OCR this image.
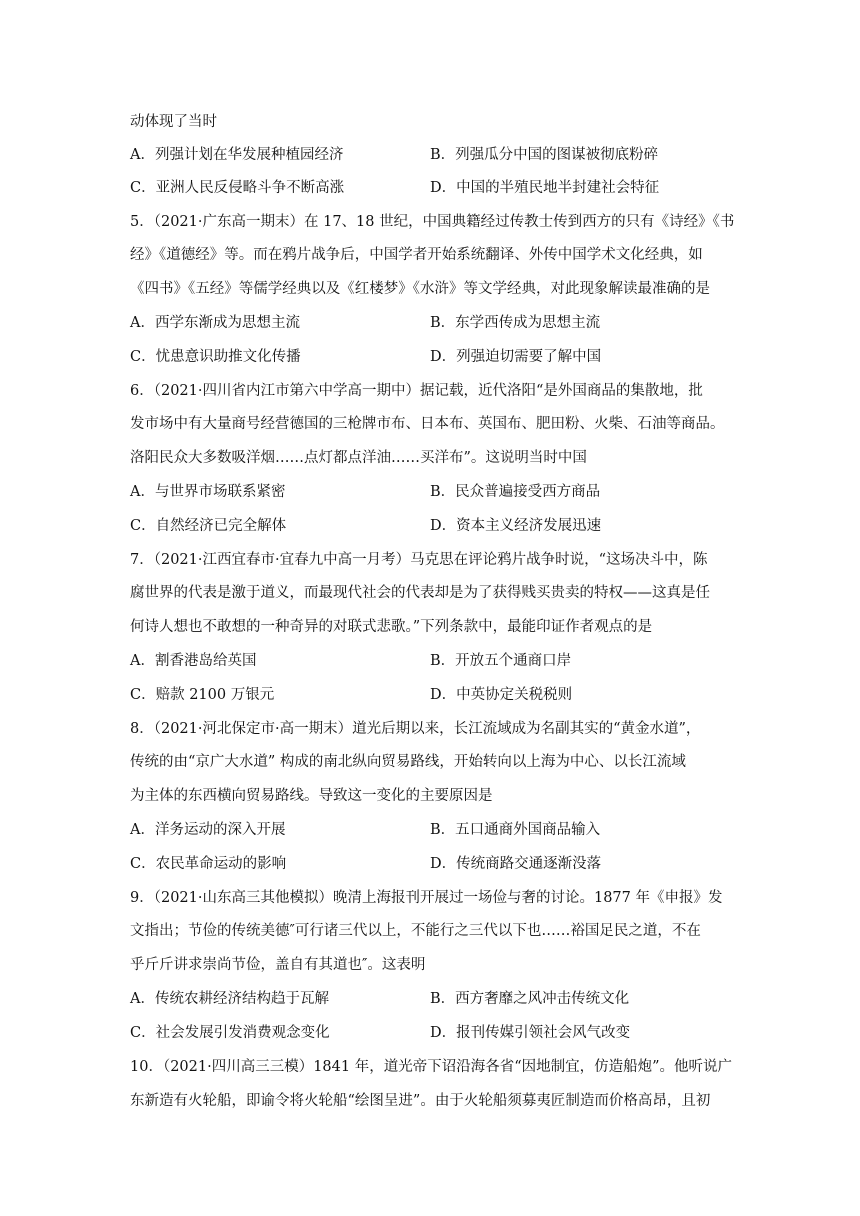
动体现了当时
A．列强计划在华发展种植园经济	B．列强瓜分中国的图谋被彻底粉碎
C．亚洲人民反侵略斗争不断高涨	D．中国的半殖民地半封建社会特征
5．（2021·广东高一期末）在 17、18 世纪，中国典籍经过传教士传到西方的只有《诗经》《书
经》《道德经》等。而在鸦片战争后，中国学者开始系统翻译、外传中国学术文化经典，如
《四书》《五经》等儒学经典以及《红楼梦》《水浒》等文学经典，对此现象解读最准确的是
A．西学东渐成为思想主流	B．东学西传成为思想主流
C．忧患意识助推文化传播	D．列强迫切需要了解中国
6．（2021·四川省内江市第六中学高一期中）据记载，近代洛阳“是外国商品的集散地，批
发市场中有大量商号经营德国的三枪牌市布、日本布、英国布、肥田粉、火柴、石油等商品。
洛阳民众大多数吸洋烟……点灯都点洋油……买洋布”。这说明当时中国
A．与世界市场联系紧密	B．民众普遍接受西方商品
C．自然经济已完全解体	D．资本主义经济发展迅速
7．（2021·江西宜春市·宜春九中高一月考）马克思在评论鸦片战争时说，“这场决斗中，陈
腐世界的代表是激于道义，而最现代社会的代表却是为了获得贱买贵卖的特权——这真是任
何诗人想也不敢想的一种奇异的对联式悲歌。”下列条款中，最能印证作者观点的是
A．割香港岛给英国	B．开放五个通商口岸
C．赔款 2100 万银元	D．中英协定关税税则
8．（2021·河北保定市·高一期末）道光后期以来，长江流域成为名副其实的“黄金水道”，
传统的由“京广大水道” 构成的南北纵向贸易路线，开始转向以上海为中心、以长江流域
为主体的东西横向贸易路线。导致这一变化的主要原因是
A．洋务运动的深入开展	B．五口通商外国商品输入
C．农民革命运动的影响	D．传统商路交通逐渐没落
9．（2021·山东高三其他模拟）晚清上海报刊开展过一场俭与奢的讨论。1877 年《申报》发
文指出；节俭的传统美德″可行诸三代以上，不能行之三代以下也……裕国足民之道，不在
乎斤斤讲求崇尚节俭，盖自有其道也″。这表明
A．传统农耕经济结构趋于瓦解	B．西方奢靡之风冲击传统文化
C．社会发展引发消费观念变化	D．报刊传媒引领社会风气改变
10．（2021·四川高三三模）1841 年，道光帝下诏沿海各省“因地制宜，仿造船炮”。他听说广
东新造有火轮船，即谕令将火轮船“绘图呈进”。由于火轮船须募夷匠制造而价格高昂，且初
